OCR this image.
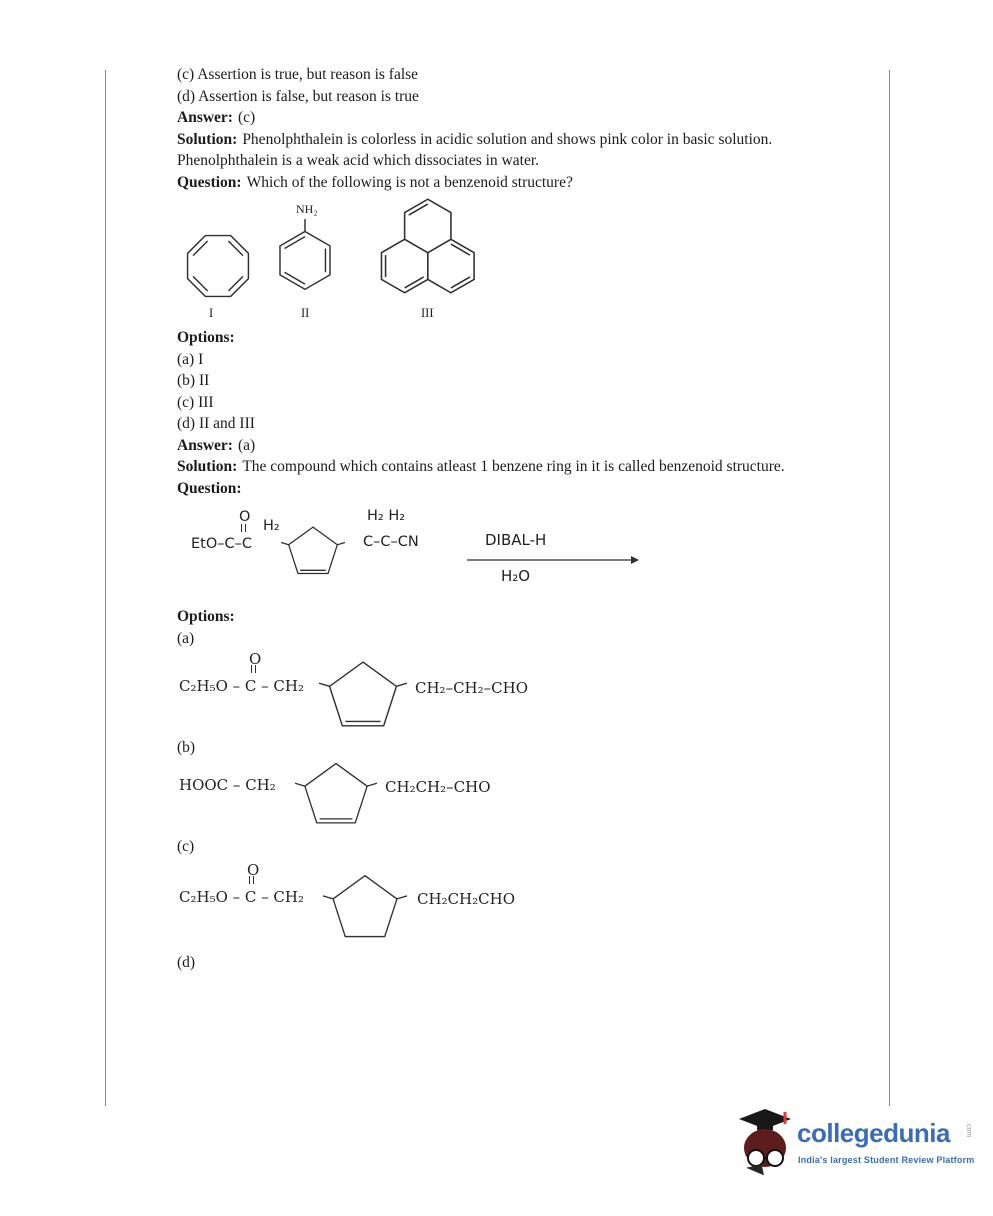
(c) Assertion is true, but reason is false

(d) Assertion is false, but reason is true

Answer: (c)

Solution: Phenolphthalein is colorless in acidic solution and shows pink color in basic solution. Phenolphthalein is a weak acid which dissociates in water.

Question: Which of the following is not a benzenoid structure?

I
NH₂
II	III

Options:

(a) I

(b) II

(c) III

(d) II and III

Answer: (a)

Solution: The compound which contains atleast 1 benzene ring in it is called benzenoid structure.

Question:

O
H₂
EtO–C–C
H₂ H₂
C–C–CN	DIBAL-H
H₂O

Options:

(a)

O
C₂H₅O – C – CH₂	CH₂–CH₂–CHO

(b)

HOOC – CH₂	CH₂CH₂–CHO

(c)

O
C₂H₅O – C – CH₂	CH₂CH₂CHO

(d)

collegedunia .com
India's largest Student Review Platform
